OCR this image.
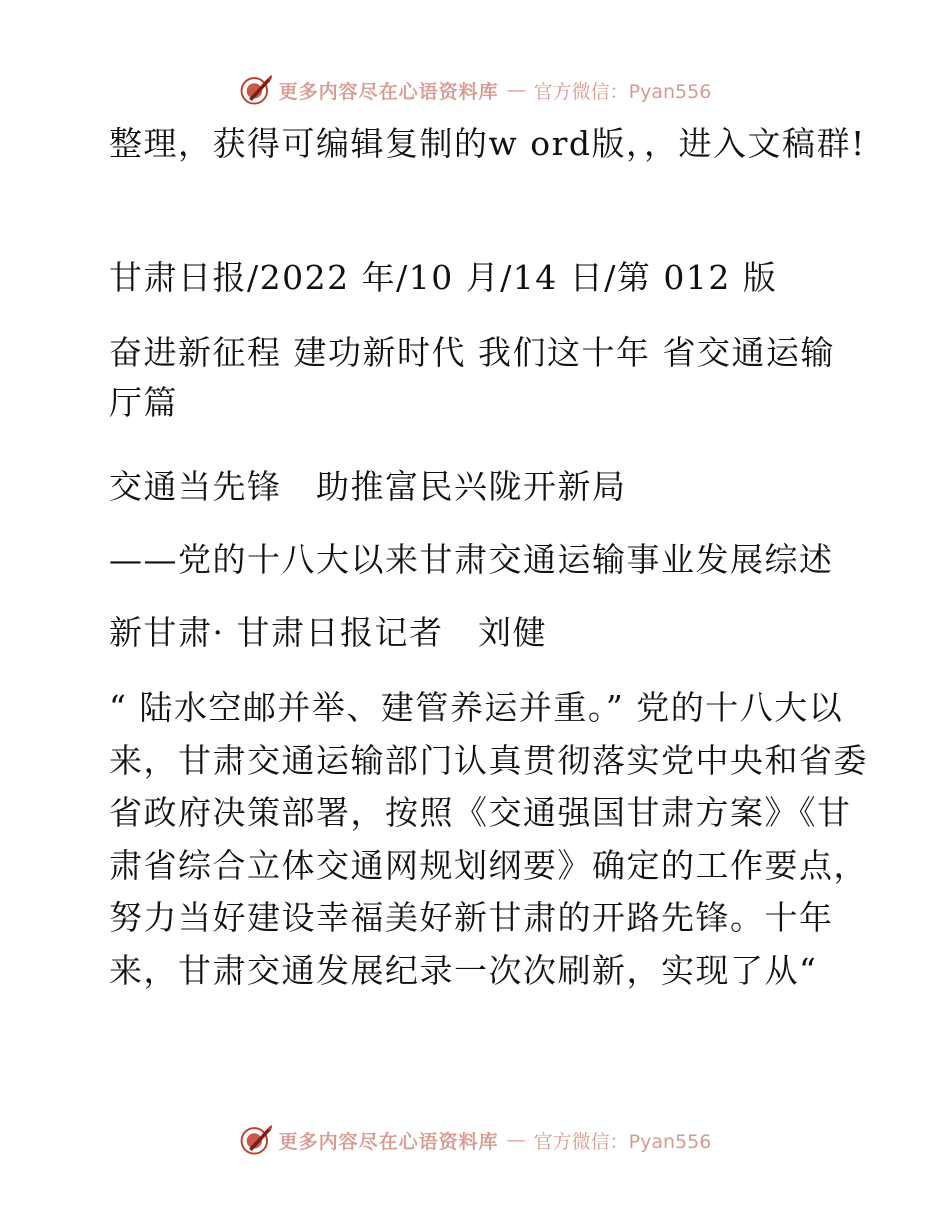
更多内容尽在心语资料库 — 官方微信：Pyan556

整理，获得可编辑复制的w ord版，，进入文稿群!

甘肃日报/2022 年/10 月/14 日/第 012 版

奋进新征程 建功新时代 我们这十年 省交通运输厅篇

交通当先锋　助推富民兴陇开新局

——党的十八大以来甘肃交通运输事业发展综述

新甘肃· 甘肃日报记者　刘健

“ 陆水空邮并举、建管养运并重。” 党的十八大以来，甘肃交通运输部门认真贯彻落实党中央和省委省政府决策部署，按照《交通强国甘肃方案》《甘肃省综合立体交通网规划纲要》确定的工作要点，努力当好建设幸福美好新甘肃的开路先锋。十年来，甘肃交通发展纪录一次次刷新，实现了从“

更多内容尽在心语资料库 — 官方微信：Pyan556
